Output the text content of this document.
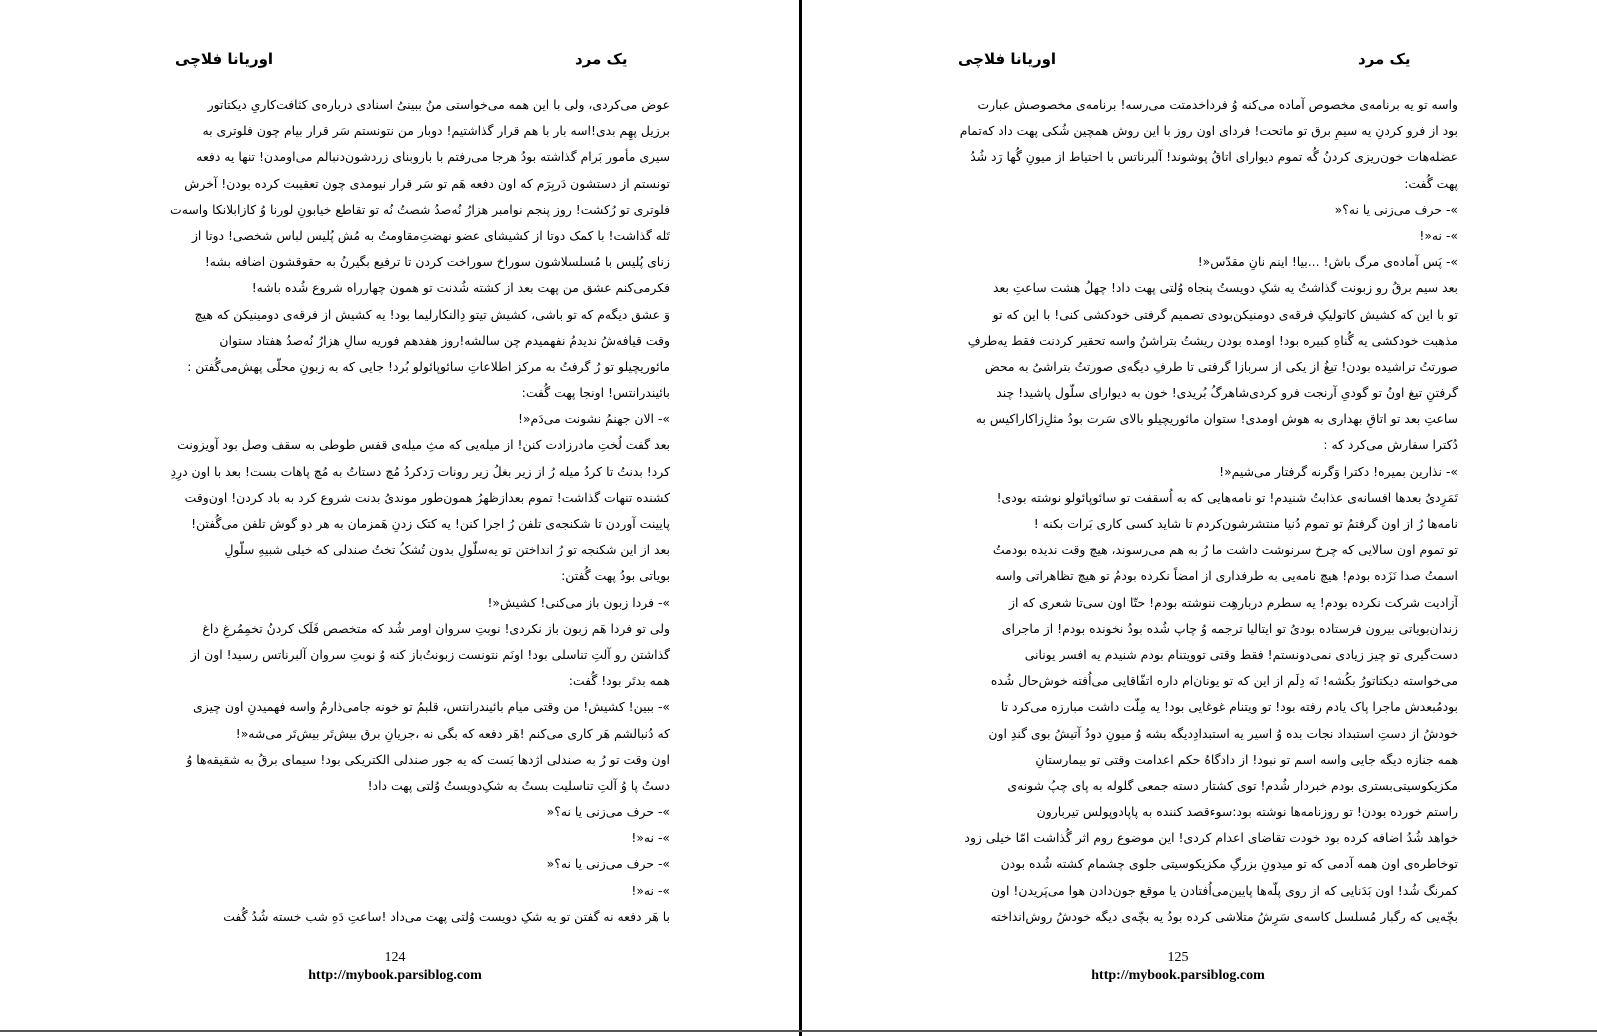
یک مرد
اوریانا فلاچی
عوض می‌کردی، ولی با این همه می‌خواستی منُ ببینیُ اسنادی درباره‌ی کثافت‌کاریِ دیکتاتور
برزیل پهِم بدی!اسه بار با هم قرار گذاشتیم! دوبار من نتونستم سَر قرار بیام چون فلوتری به
سیری مأمور بَرام گذاشته بودُ هرجا می‌رفتم با باروبنای زردشون‌دنبالم می‌اومدن! تنها یه دفعه
تونستم از دستشون دَربِرَم که اون دفعه هَم تو سَر قرار نیومدی چون تعقیبت کرده بودن! آخرش
فلوتری تو رُکشت! روز پنجم نوامبر هزارُ نُه‌صدُ شصتُ نُه تو تقاطع خیابونِ لورنا وُ کازابلانکا واسه‌ت
تَله گذاشت! با کمک دوتا از کشیشای عضو نهضتِ‌مقاومتُ به مُش پُلیس لباس شخصی! دوتا از
زنای پُلیس با مُسلسلاشون سوراخ سوراخت کردن تا ترفیع بگیرنُ به حقوقشون اضافه بشه!
فکرمی‌کنم عشق من پهت بعد از کشته شُدنت تو همون چهارراه شروع شُده باشه!
وَ عشق دیگه‌م که تو باشی، کشیش تیتو دِالنکارلیما بود! یه کشیش از فرقه‌ی دومینیکن که هیچ
وقت قیافه‌شُ ندیدمُ نفهمیدم چن سالشه!روز هفدهم فوریه سالِ هزارُ نُه‌صدُ هفتاد ستوان
مائوریچیلو تو رُ گرفتُ به مرکز اطلاعاتِ سائوپائولو بُرد! جایی که به زبونِ محلّی پهش‌می‌گُفتن :
بائیندرانتس! اونجا پهت گُفت:
»- الان جهنمُ نشونت می‌دَم«!
بعد گفت لُختِ مادرزادت کنن! از میله‌یی که مثِ میله‌ی قفس طوطی به سقف وصل بود آویزونت
کرد! بدنتُ تا کردُ میله رُ از زیر بغلُ زیر رونات رَدکردُ مُچ دستاتُ به مُچ پاهات بست! بعد با اون درِدِ
کشنده تنهات گذاشت! تموم بعدازظهرُ همون‌طور موندیُ بدنت شروع کرد به باد کردن! اون‌وقت
پایینت آوردن تا شکنجه‌ی تلفن رُ اجرا کنن! یه کتک زدنِ هَمزمان به هر دو گوش تلفن می‌گُفتن!
بعد از این شکنجه تو رُ انداختن تو یه‌سلّولِ بدون تُشکُ تختُ صندلی که خیلی شبیهِ سلّولِ
بویاتی بودُ پهت گُفتن:
»- فردا زبون باز می‌کنی! کشیش«!
ولی تو فردا هَم زبون باز نکردی! نوبتِ سروان اومر شُد که متخصص فَلَک کردنُ تخمِمُرغِ داغ
گذاشتن رو آلتِ تناسلی بود! اونَم نتونست زبونت‌ُباز کنه وُ نوبتِ سروان آلبرناتس رسید! اون از
همه بدتَر بود! گُفت:
»- ببین! کشیش! من وقتی میام بائیندرانتس، قلبمُ تو خونه جامی‌ذارمُ واسه فهمیدنِ اون چیزی
که دُنبالشم هَر کاری می‌کنم !هَر دفعه که بگی نه ،جریانِ برق بیش‌تَر بیش‌تَر می‌شه«!
اون وقت تو رُ به صندلی اژدها بَست که یه جور صندلی الکتریکی بود! سیمای برقُ به شقیقه‌ها وُ
دستُ پا وُ آلتِ تناسلیت بستُ به شکِ‌دویستُ وُلتی پهت داد!
»- حرف می‌زنی یا نه؟«
»- نه«!
»- حرف می‌زنی یا نه؟«
»- نه«!
با هَر دفعه نه گفتن تو یه شکِ دویست وُلتی پهت می‌داد !ساعتِ دَهِ شب خسته شُدُ گُفت
124
http://mybook.parsiblog.com
یک مرد
اوریانا فلاچی
واسه تو یه برنامه‌ی مخصوص آماده می‌کنه وُ فرداخدمتت می‌رسه! برنامه‌ی مخصوصش عبارت
بود از فرو کردنِ یه سیمِ برق تو ماتحت! فردای اون روز با این روش همچین شُکی پهت داد که‌تمام
عضله‌هات خون‌ریزی کردنُ گُه تموم دیوارای اتاقُ پوشوند! آلبرناتس با احتیاط از میونِ گُها رَد شُدُ
پهت گُفت:
»- حرف می‌زنی یا نه؟«
»- نه«!
»- پَس آماده‌ی مرگ باش! ...بیا! اینم نانِ مقدّس«!
بعد سیم برقُ رو زبونت گذاشتُ یه شکِ دویستُ پنجاه وُلتی پهت داد! چهلُ هشت ساعتِ بعد
تو با این که کشیش کاتولیکِ فرقه‌ی دومنیکن‌بودی تصمیم گرفتی خودکشی کنی! با این که تو
مذهبت خودکشی یه گُناهِ کبیره بود! اومده بودن ریشتُ بتراشنُ واسه تحقیر کردنت فقط یه‌طرفِ
صورتتُ تراشیده بودن! تیغُ از یکی از سربازا گرفتی تا طرفِ دیگه‌ی صورتتُ بتراشیُ به محض
گرفتنِ تیغ اونُ تو گودیِ آرنجت فرو کردی‌شاهرگُ بُریدی! خون به دیوارای سلّول پاشید! چند
ساعتِ بعد تو اتاقِ بهداری به هوش اومدی! ستوان مائوریچیلو بالای سَرت بودُ مثل‌ِزاکاراکیس به
دُکترا سفارش می‌کرد که :
»- نذارین بمیره! دکترا وَگرنه گرفتار می‌شیم«!
تَمَرِدیُ بعدها افسانه‌ی عذابتُ شنیدم! تو نامه‌هایی که به اُسقفت تو سائوپائولو نوشته بودی!
نامه‌ها رُ از اون گرفتمُ تو تموم دُنیا منتشرشون‌کردم تا شاید کسی کاری بَرات بکنه !
تو تموم اون سالایی که چرخ سرنوشت داشت ما رُ به هم می‌رسوند، هیچ وقت ندیده بودمتُ
اسمتُ صدا نَزَده بودم! هیچ نامه‌یی به طرفداری از امضاً نکرده بودمُ تو هیچ تظاهراتی واسه
آزادیت شرکت نکرده بودم! یه سطرم دربارهِت ننوشته بودم! حتّا اون سی‌تا شعری که از
زندان‌بویاتی بیرون فرستاده بودیُ تو ایتالیا ترجمه وُ چاپ شُده بودُ نخونده بودم! از ماجرای
دست‌گیری تو چیز زیادی نمی‌دونستم! فقط وقتی تو‌ویتنام بودم شنیدم یه افسر یونانی
می‌خواسته دیکتاتورُ بکُشه! نَه دِلَم از این که تو یونان‌ام داره اتفّاقایی می‌اُفته خوش‌حال شُده
بودمُبعدش ماجرا پاک یادم رفته بود! تو ویتنام غوغایی بود! یه مِلّت داشت مبارزه می‌کرد تا
خودشُ از دستِ استبداد نجات بده وُ اسیر یه استبدادِدیگه بشه وُ میونِ دودُ آتیشُ بوی گندِ اون
همه جنازه دیگه جایی واسه اسم تو نبود! از دادگاهُ حکم اعدامت وقتی تو بیمارستانِ
مکزیکوسیتی‌بستری بودم خبردار شُدم! توی کشتار دسته جمعی گلوله به پای چپُ شونه‌ی
راستم خورده بودن! تو روزنامه‌ها نوشته بود:سوءقصد کننده به پاپادوپولس تیربارون
خواهد شُدُ اضافه کرده بود خودت تقاضای اعدام کردی! این موضوع روم اثر گُذاشت امّا خیلی زود
توخاطره‌ی اون همه آدمی که تو میدونِ بزرگِ مکزیکوسیتی جلوی چشمام کشته شُده بودن
کمرنگ شُد! اون بَدَنایی که از روی پلّه‌ها پایین‌می‌اُفتادن یا موقع جون‌دادن هوا می‌پَریدن! اون
بچّه‌یی که رگبار مُسلسل کاسه‌ی سَرِشُ متلاشی کرده بودُ یه بچّه‌ی دیگه خودشُ روش‌انداخته
125
http://mybook.parsiblog.com
